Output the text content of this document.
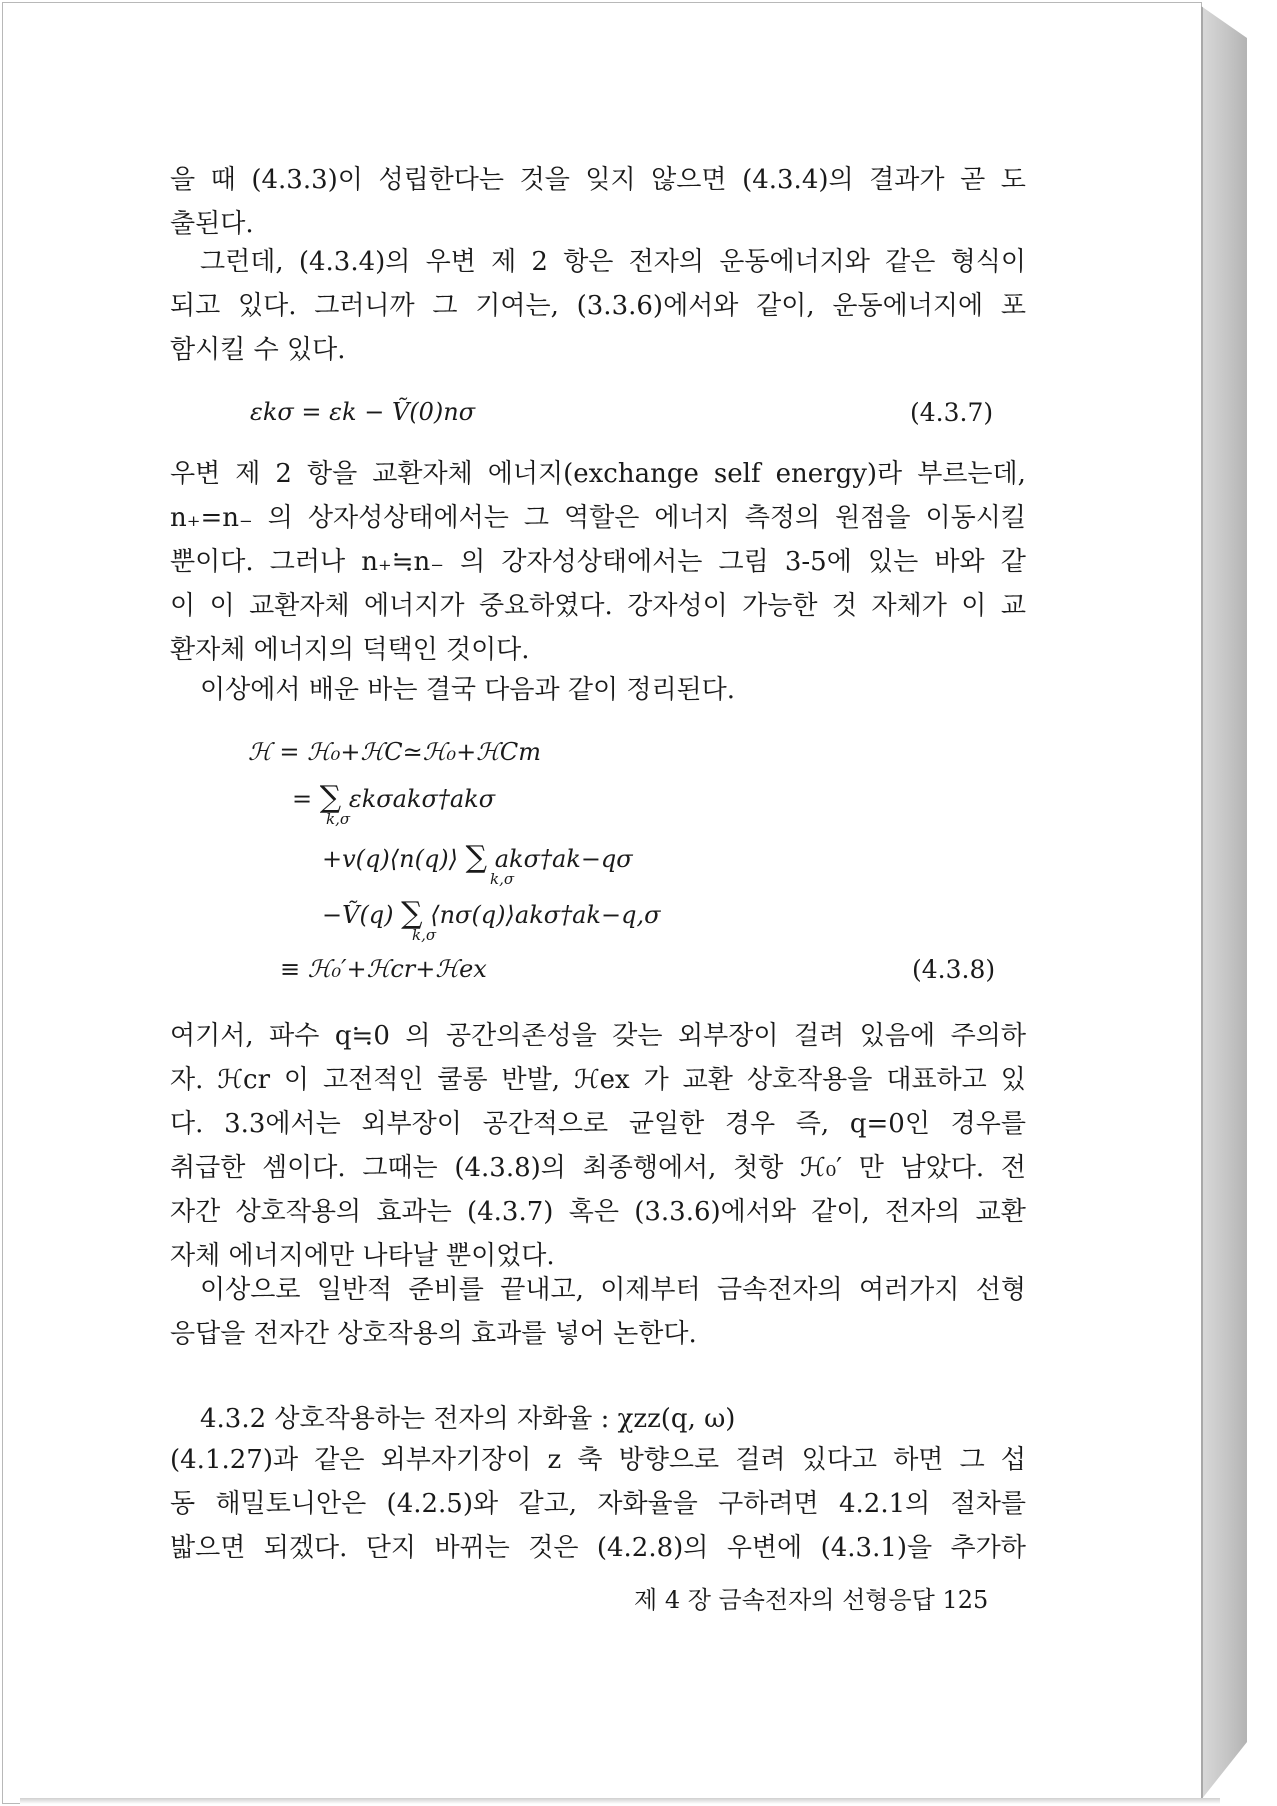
을 때 (4.3.3)이 성립한다는 것을 잊지 않으면 (4.3.4)의 결과가 곧 도
출된다.
그런데, (4.3.4)의 우변 제 2 항은 전자의 운동에너지와 같은 형식이
되고 있다. 그러니까 그 기여는, (3.3.6)에서와 같이, 운동에너지에 포
함시킬 수 있다.
εkσ = εk − Ṽ(0)nσ	(4.3.7)
우변 제 2 항을 교환자체 에너지(exchange self energy)라 부르는데,
n₊=n₋ 의 상자성상태에서는 그 역할은 에너지 측정의 원점을 이동시킬
뿐이다. 그러나 n₊≒n₋ 의 강자성상태에서는 그림 3-5에 있는 바와 같
이 이 교환자체 에너지가 중요하였다. 강자성이 가능한 것 자체가 이 교
환자체 에너지의 덕택인 것이다.
이상에서 배운 바는 결국 다음과 같이 정리된다.
ℋ = ℋ₀+ℋC≃ℋ₀+ℋCm
= ∑ εkσakσ†akσ
k,σ
+v(q)⟨n(q)⟩ ∑ akσ†ak−qσ
k,σ
−Ṽ(q) ∑ ⟨nσ(q)⟩akσ†ak−q,σ
k,σ
≡ ℋ₀′+ℋcr+ℋex	(4.3.8)
여기서, 파수 q≒0 의 공간의존성을 갖는 외부장이 걸려 있음에 주의하
자. ℋcr 이 고전적인 쿨롱 반발, ℋex 가 교환 상호작용을 대표하고 있
다. 3.3에서는 외부장이 공간적으로 균일한 경우 즉, q=0인 경우를
취급한 셈이다. 그때는 (4.3.8)의 최종행에서, 첫항 ℋ₀′ 만 남았다. 전
자간 상호작용의 효과는 (4.3.7) 혹은 (3.3.6)에서와 같이, 전자의 교환
자체 에너지에만 나타날 뿐이었다.
이상으로 일반적 준비를 끝내고, 이제부터 금속전자의 여러가지 선형
응답을 전자간 상호작용의 효과를 넣어 논한다.
4.3.2 상호작용하는 전자의 자화율 : χzz(q, ω)
(4.1.27)과 같은 외부자기장이 z 축 방향으로 걸려 있다고 하면 그 섭
동 해밀토니안은 (4.2.5)와 같고, 자화율을 구하려면 4.2.1의 절차를
밟으면 되겠다. 단지 바뀌는 것은 (4.2.8)의 우변에 (4.3.1)을 추가하
제 4 장 금속전자의 선형응답 125
